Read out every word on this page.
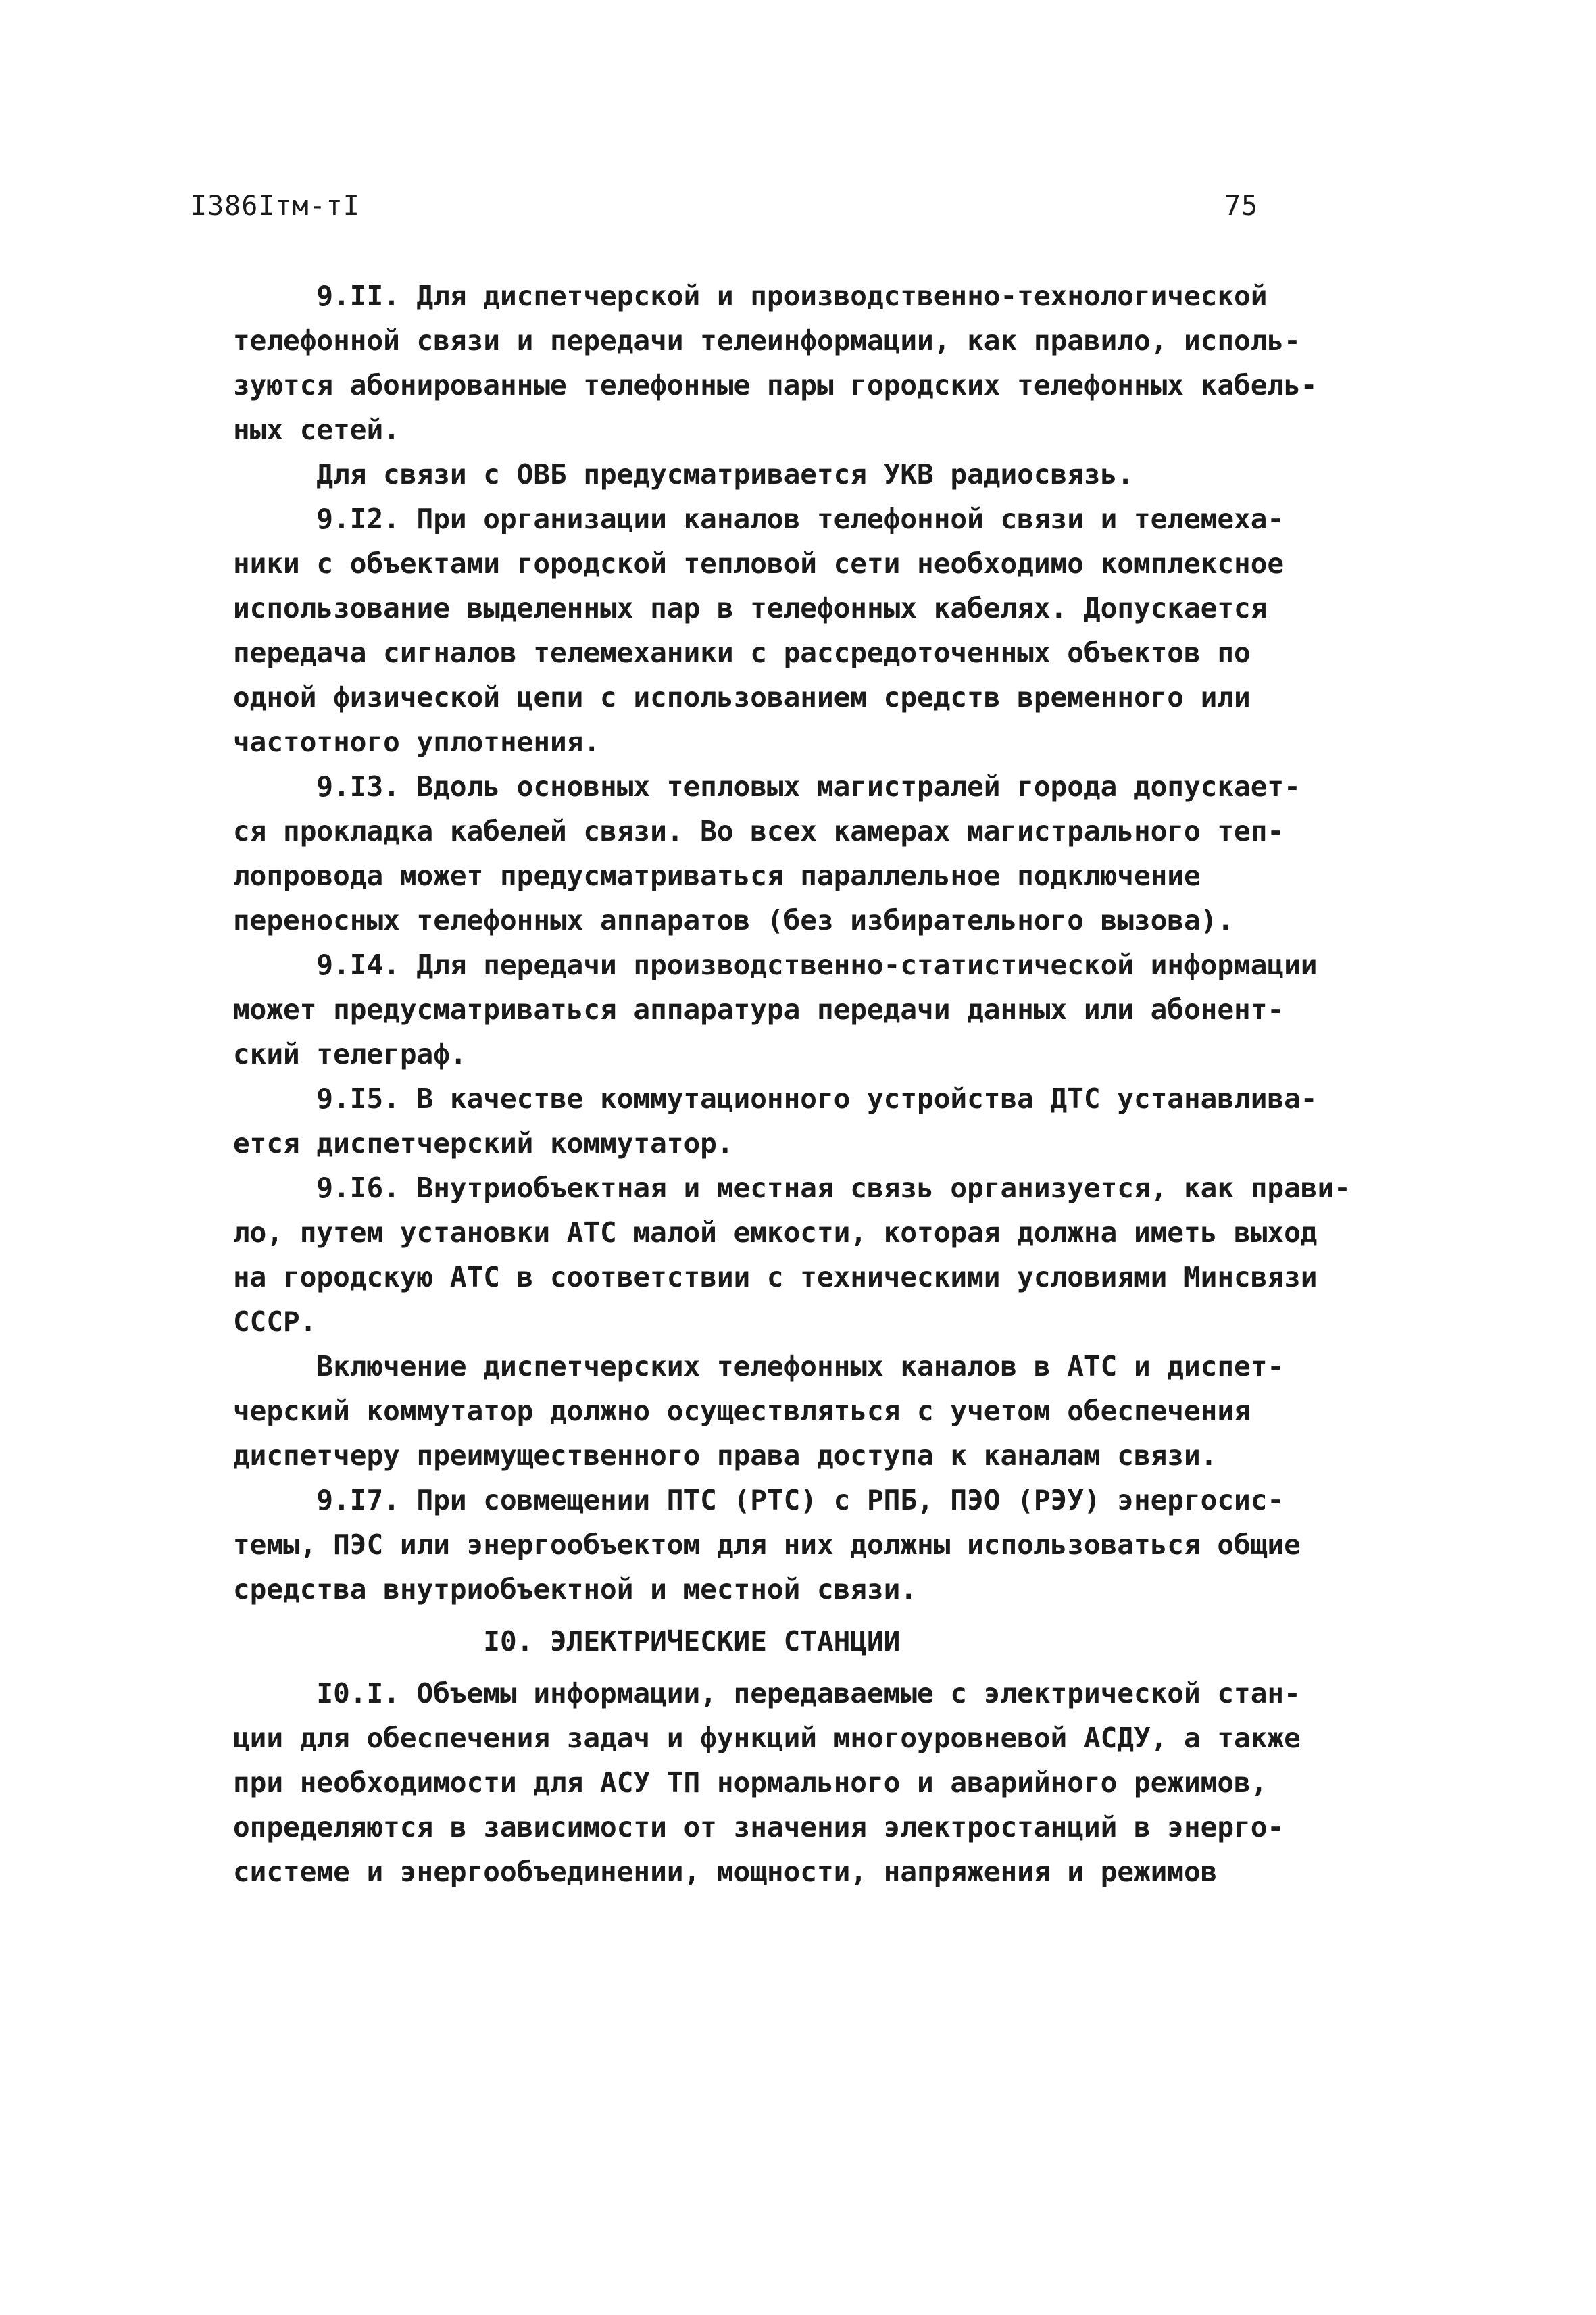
I386Iтм-тI	75
9.II. Для диспетчерской и производственно-технологической
телефонной связи и передачи телеинформации, как правило, исполь-
зуются абонированные телефонные пары городских телефонных кабель-
ных сетей.
Для связи с ОВБ предусматривается УКВ радиосвязь.
9.I2. При организации каналов телефонной связи и телемеха-
ники с объектами городской тепловой сети необходимо комплексное
использование выделенных пар в телефонных кабелях. Допускается
передача сигналов телемеханики с рассредоточенных объектов по
одной физической цепи с использованием средств временного или
частотного уплотнения.
9.I3. Вдоль основных тепловых магистралей города допускает-
ся прокладка кабелей связи. Во всех камерах магистрального теп-
лопровода может предусматриваться параллельное подключение
переносных телефонных аппаратов (без избирательного вызова).
9.I4. Для передачи производственно-статистической информации
может предусматриваться аппаратура передачи данных или абонент-
ский телеграф.
9.I5. В качестве коммутационного устройства ДТС устанавлива-
ется диспетчерский коммутатор.
9.I6. Внутриобъектная и местная связь организуется, как прави-
ло, путем установки АТС малой емкости, которая должна иметь выход
на городскую АТС в соответствии с техническими условиями Минсвязи
СССР.
Включение диспетчерских телефонных каналов в АТС и диспет-
черский коммутатор должно осуществляться с учетом обеспечения
диспетчеру преимущественного права доступа к каналам связи.
9.I7. При совмещении ПТС (РТС) с РПБ, ПЭО (РЭУ) энергосис-
темы, ПЭС или энергообъектом для них должны использоваться общие
средства внутриобъектной и местной связи.
I0. ЭЛЕКТРИЧЕСКИЕ СТАНЦИИ
I0.I. Объемы информации, передаваемые с электрической стан-
ции для обеспечения задач и функций многоуровневой АСДУ, а также
при необходимости для АСУ ТП нормального и аварийного режимов,
определяются в зависимости от значения электростанций в энерго-
системе и энергообъединении, мощности, напряжения и режимов
